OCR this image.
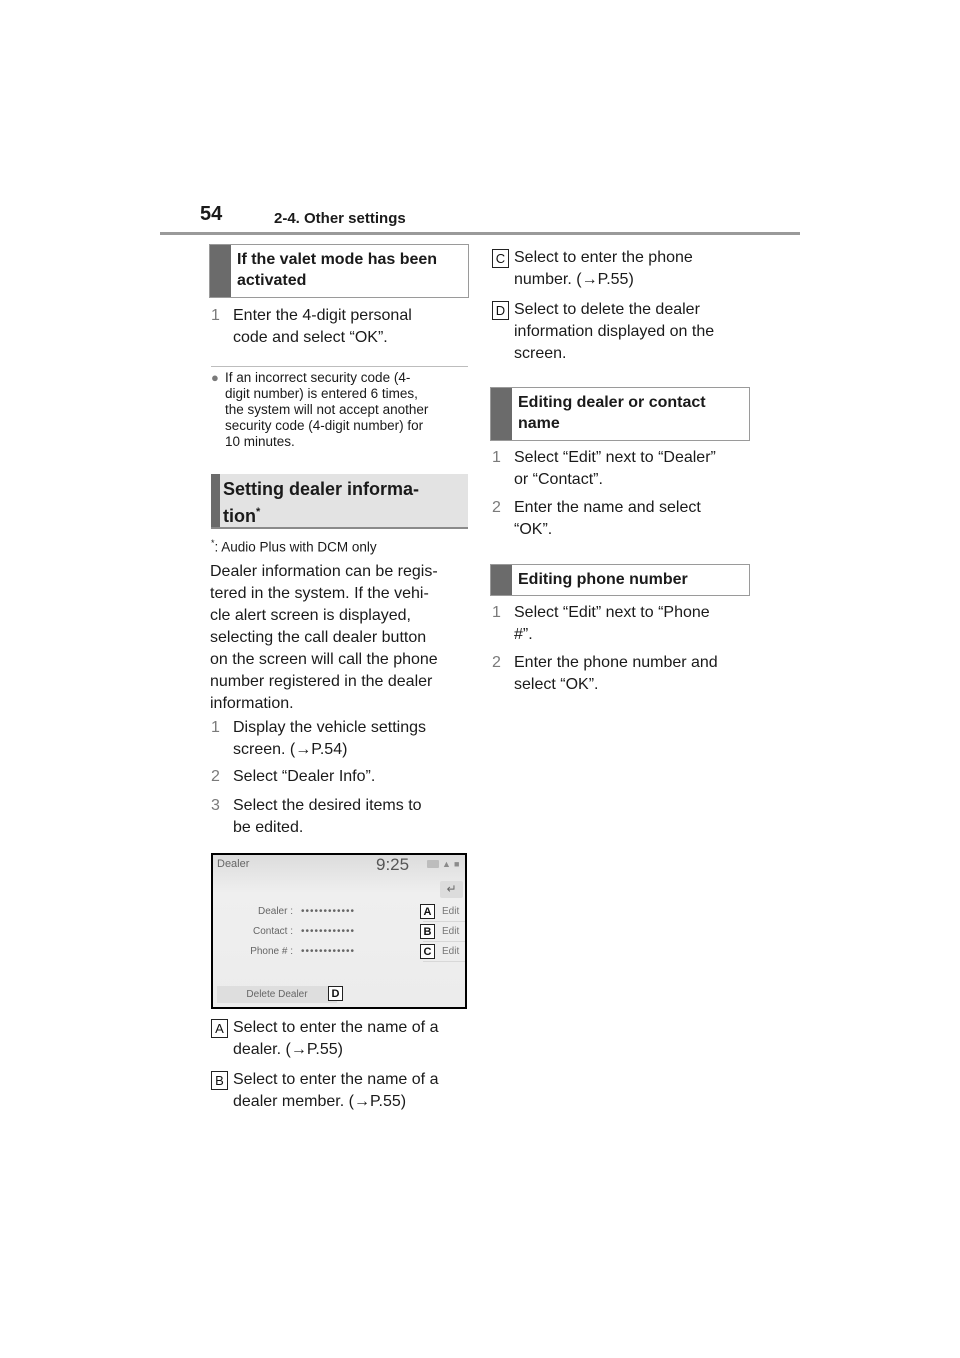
54	2-4. Other settings
If the valet mode has been
activated
1 Enter the 4-digit personal
code and select “OK”.
● If an incorrect security code (4-
digit number) is entered 6 times,
the system will not accept another
security code (4-digit number) for
10 minutes.
Setting dealer informa-
tion*
*: Audio Plus with DCM only
Dealer information can be regis-
tered in the system. If the vehi-
cle alert screen is displayed,
selecting the call dealer button
on the screen will call the phone
number registered in the dealer
information.
1 Display the vehicle settings
screen. (→P.54)
2 Select “Dealer Info”.
3 Select the desired items to
be edited.
Dealer	9:25	▲ ■
↵
Dealer : ••••••••••••	A	Edit
Contact : ••••••••••••	B	Edit
Phone # : ••••••••••••	C	Edit
Delete Dealer	D
A Select to enter the name of a
dealer. (→P.55)
B Select to enter the name of a
dealer member. (→P.55)
C Select to enter the phone
number. (→P.55)
D Select to delete the dealer
information displayed on the
screen.
Editing dealer or contact
name
1 Select “Edit” next to “Dealer”
or “Contact”.
2 Enter the name and select
“OK”.
Editing phone number
1 Select “Edit” next to “Phone
#”.
2 Enter the phone number and
select “OK”.
